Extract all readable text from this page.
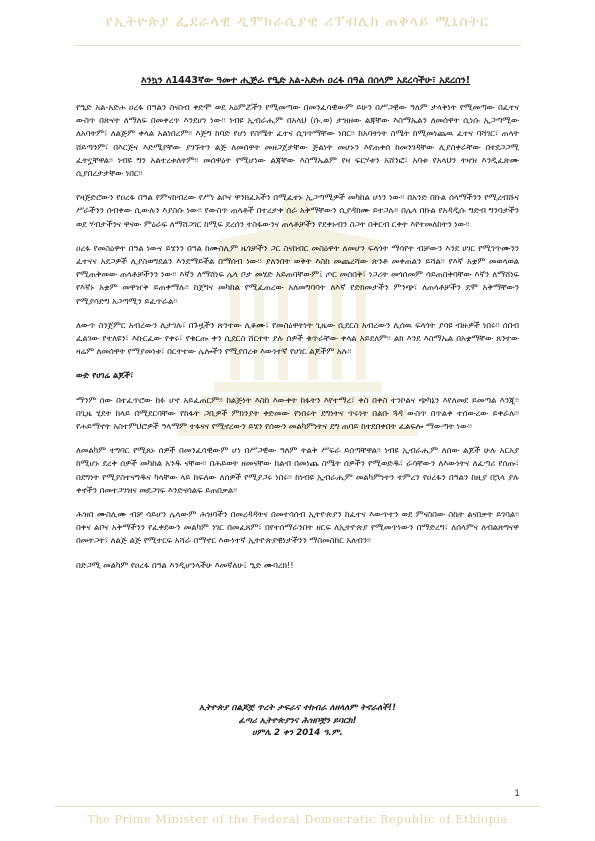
የኢትዮጵያ ፌደራላዊ ዲሞክራሲያዊ ሪፐብሊክ ጠቅላይ ሚኒስትር
እንኳን ለ1443ኛው ዓመተ ሒጅራ የዒድ አል-አድሐ ዐረፋ በዓል በሰላም አደረሳችሁ፣ አደረሰን!

የዒድ አል-አድሐ ዐረፋ በዓልን ስናስብ ቀድሞ ወደ አዕምሯችን የሚመጣው በመንፈሳዊውም ይሁን በሥጋዊው ዓለም ታላቅነት የሚመጣው በፈተና ውስጥ በጽናት ለማለፍ በመቀረጥ እንደሆነ ነው፡፡ ነብዩ ኢብራሒም በአላህ (ሱ.ወ) ታዝዘው ልጃቸው እስማኤልን ለመሰዋት ሲነሱ ኢጋጣሚው ለአባትም፣ ለልጅም ቀላል አልነበረም፡፡ እጅግ ከባድ የሆነ የስሜት ፈተና ሲገጥማቸው ነበር፡፡ ከአባትነት ስሜት ከሚመነጨዉ ፈተና ባሻገር፣ ጠላት ሸይጣንም፣ በእርጅና እድሜያቸው ያገኙትን ልጅ ለመሰዋት መዘጋጀታቸው ጅልነት መሆኑን እየጠቀሰ ከመንገዳቸው ሊያስቀራቸው በተደጋጋሚ ፈትኗቸዋል፡፡ ነብዩ ግን አልተረቱለትም፡፡ መሰዋዕት የሚሆነው ልጃቸው እስማኤልም የዛ ፍርሃቱን አሸንፎ፣ አባቱ የአላህን ትዛዝ እንዲፈጽሙ ሲያበረታታቸው ነበር፡፡

የዛጅድሮውን የዐረፋ በዓል የምናከብረው የሥነ ልቦና ዋንክፈአችን በሚፈተኑ ኢጋጣሚዎች መካከል ሆነን ነው፡፡ በአንድ በኩል ሰላማችንን የሚረብሹና ሥራችንን ሰብቀው ሲውሉን እያስሱ ነው፡፡ የውስጥ ጠላቶች በተረታቀ ሰራ አቅማቸውን ሲያዳክሙ ይተጋሉ፡፡ በሌላ በኩል የአዳዲሱ ግድብ ግንባታችን ወደ ሃብታችንና ዋናው ምዕራፍ ለማሸጋገር ከሚፍ ደረሰን ተስፋውንና ጠላቶቻችን የደቀኑብን ስጋት በቅርብ ርቀት እየተመለከትን ነው፡፡

ዐረፋ የመስዕዋት በዓል ነውና ይሄንን በዓል ከሙስሊም ዜጎቻችን ጋር ስናከብር መስዕዋት ለመሆን ፍላጎት ማሳየት ብቻውን እንደ ሀገር የሚገጥሙንን ፈተናና አደጋዎች ሊያስወግደልን እንደማይችል በማሰብ ነው፡፡ ያለንበት ወቅት እስከ መጨረሻው ጽንቶ መቀጠልን ይሻል፡፡ የእኛ አቋም መወላወል የሚጠቅመው ጠላቶቻችንን ነው፡፡ እኛን ለማሸነፍ ሌላ ቦታ መሄድ አይጠባቸውም፤ ጦር መሰበቅ፣ ነጋሪት መጎሰመም ሳይጠበቅባቸው እኛን ለማሸነፍ የእኛኑ አቋም መዋዠቅ ይጠቀማሉ፡፡ ከጀግና መካከል የሚፈጠረው አለመግባባት ለእኛ የድክመታችን ምንጭ፣ ለጠላቶቻችን ደሞ አቅማቸውን የሚያሳድግ አጋጣሚን ይፈጥራል፡፡

ለውጥ ስንጀምር አብረውን ሊታገሉ፣ በጉዟችን ጽንተው ሊቆሙ፣ የመስዕዋትነት ጊዜው ሲደርስ አብረውን ሊሰዉ ፍላጎት ያሳዩ ብዙዎች ነበሩ፡፡ ሰበብ ፈልገው የተለዩን፣ እኩርፈው የቀሩ፣ የቁርጡ ቀን ሲደርስ ሸርተት ያሉ ሰዎች ቁጥራቸው ቀላል አይደለም፡፡ ልክ እንደ እስማኤል በአቋማቸው ጸንተው ዛሬም ለመሰዋት የማያመነቱ፣ በርትተው ሌሎችን የሚያበረቱ እውነተኛ የሀገር ልጆችም አሉ፡፡

ውድ የሀገሬ ልጆች፣

ማንም ሰው በተፈጥሮው ከፉ ሆኖ አይፈጠርም፡፡ ከልጅነት እስከ እውቀት ከፋትን እየተማረ፣ ቀስ በቀስ ተንኮልና ጭካኔን እየለመደ ይመጣል እንጂ፡፡ በጊዜ ሂደት ከላይ በሚደርባቸው የከፋት ጋቢዎች ምክንያት ቀድመው የነበሩት ደግነትና ጥሩነት በልቡ ጓዳ ውስጥ በጥልቀ ተሰውረው ይቀራሉ፡፡ የሐይማኖት አስተምህሮዎች ዓላማም ተፋናና የሚኖረውን ይሄን የሰውን መልካምነትና ደግ ጠባይ ከተደበቀበት ፈልፍሎ ማውጣት ነው፡፡

ለመልካም ተግባር የሚጸኑ ሰዎች በመንፈሳዊውም ሆነ በሥጋዊው ዓለም ትልቅ ሥፍራ ይሰጣቸዋል፡፡ ነብዩ ኢብራሒም ለሰው ልጆች ሁሉ አርአያ ከሚሆኑ ደረቅ ሰዎች መካከል አንዱ ናቸው፡፡ በሕይወት ዘመናቸው ከልብ በመነጨ ስሜት ሰዎችን የሚወድዱ፣ ራሳቸውን ለእውነትና ለፈጣሪ የሰጡ፣ በደግነት የሚያስተናግዱና ካላቸው ላይ ከፍለው ለሰዎች የሚያጋሩ ነበሩ፡፡ ከነብዩ ኢብራሒም መልካምነትን ተምረን የዐረፋን በዓልን ከዚያ በኋላ ያሉ ቀኖችን በመተጋገዝና መደጋገፍ እንድናሳልፍ ይጠበቃል፡፡

ሕዝበ ሙስሊሙ ብቻ ሳይሆን ሌላውም ሕዝባችን በመረዳዳትና በመተሳሰብ ኢትዮጵያን ከፈተና እውጥተን ወደ ምናስበው ስኬት ልናበቃት ይገባል፡፡ በቀና ልቦና አቅማችንን የፈቀደውን መልካም ነገር በመፈጸም፣ በየተሰማራንበት ዘርፍ ለኢትዮጵያ የሚመጥነውን በማድረግ፣ ለሰላምና ለብልጽግናዋ በመትጋት፣ ለልጅ ልጅ የሚተርፍ አሻራ በማኖር እውነተኛ ኢትዮጵያዊነታችንን ማስመስከር አለብን፡፡

በድጋሚ መልካም የዐረፋ በዓል እንዲሆንላችሁ እመኛለሁ፤ ዒድ ሙባረክ!!

ኢትዮጵያ በልጆቿ ጥረት ታፍራና ተከብራ ለዘላለም ትኖራለች!!
ፈጣሪ ኢትዮጵያንና ሕዝቦቿን ይባርክ!
ሀምሌ 2 ቀን 2014 ዓ.ም.
1
The Prime Minister of the Federal Democratic Republic of Ethiopia
